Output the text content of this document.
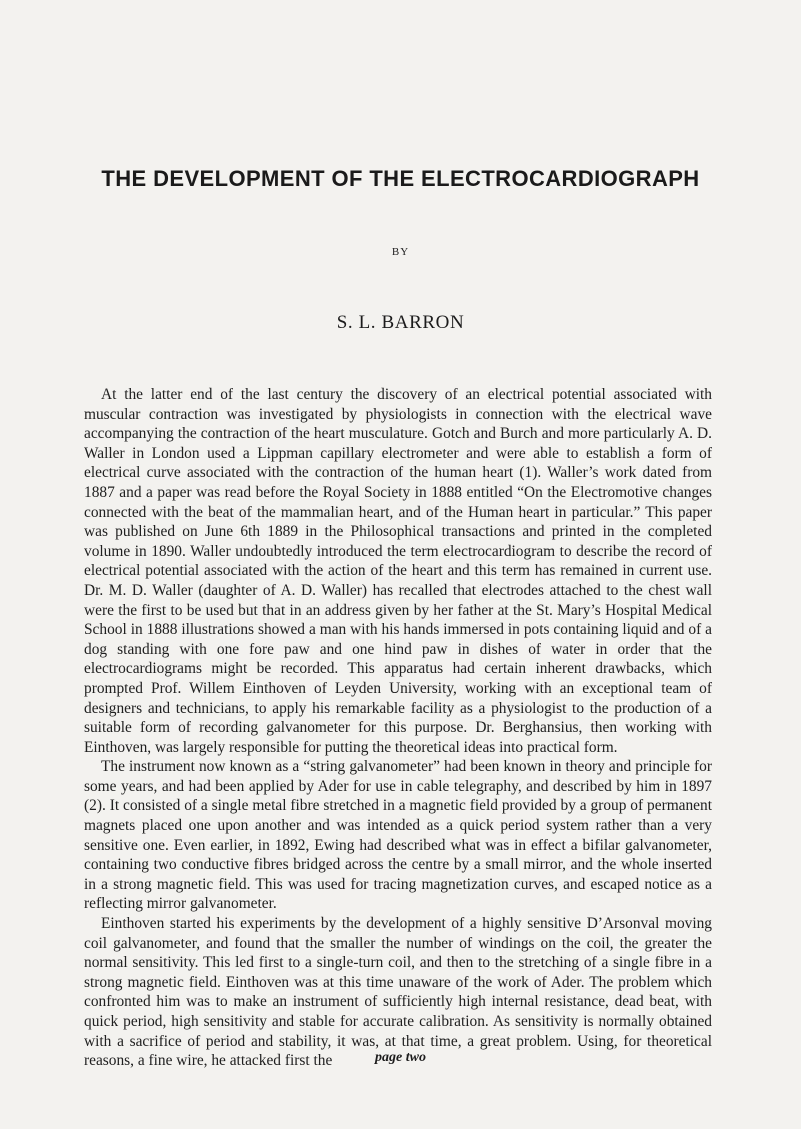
THE DEVELOPMENT OF THE ELECTROCARDIOGRAPH
BY
S. L. BARRON

At the latter end of the last century the discovery of an electrical potential associated with muscular contraction was investigated by physiologists in connection with the electrical wave accompanying the contraction of the heart musculature. Gotch and Burch and more particularly A. D. Waller in London used a Lippman capillary electrometer and were able to establish a form of electrical curve associated with the contraction of the human heart (1). Waller’s work dated from 1887 and a paper was read before the Royal Society in 1888 entitled “On the Electromotive changes connected with the beat of the mammalian heart, and of the Human heart in particular.” This paper was published on June 6th 1889 in the Philosophical transactions and printed in the completed volume in 1890. Waller undoubtedly introduced the term electrocardiogram to describe the record of electrical potential associated with the action of the heart and this term has remained in current use. Dr. M. D. Waller (daughter of A. D. Waller) has recalled that electrodes attached to the chest wall were the first to be used but that in an address given by her father at the St. Mary’s Hospital Medical School in 1888 illustrations showed a man with his hands immersed in pots containing liquid and of a dog standing with one fore paw and one hind paw in dishes of water in order that the electrocardiograms might be recorded. This apparatus had certain inherent drawbacks, which prompted Prof. Willem Einthoven of Leyden University, working with an exceptional team of designers and technicians, to apply his remarkable facility as a physiologist to the production of a suitable form of recording galvanometer for this purpose. Dr. Berghansius, then working with Einthoven, was largely responsible for putting the theoretical ideas into practical form.

The instrument now known as a “string galvanometer” had been known in theory and principle for some years, and had been applied by Ader for use in cable telegraphy, and described by him in 1897 (2). It consisted of a single metal fibre stretched in a magnetic field provided by a group of permanent magnets placed one upon another and was intended as a quick period system rather than a very sensitive one. Even earlier, in 1892, Ewing had described what was in effect a bifilar galvanometer, containing two conductive fibres bridged across the centre by a small mirror, and the whole inserted in a strong magnetic field. This was used for tracing magnetization curves, and escaped notice as a reflecting mirror galvanometer.

Einthoven started his experiments by the development of a highly sensitive D’Arsonval moving coil galvanometer, and found that the smaller the number of windings on the coil, the greater the normal sensitivity. This led first to a single-turn coil, and then to the stretching of a single fibre in a strong magnetic field. Einthoven was at this time unaware of the work of Ader. The problem which confronted him was to make an instrument of sufficiently high internal resistance, dead beat, with quick period, high sensitivity and stable for accurate calibration. As sensitivity is normally obtained with a sacrifice of period and stability, it was, at that time, a great problem. Using, for theoretical reasons, a fine wire, he attacked first the	page two
